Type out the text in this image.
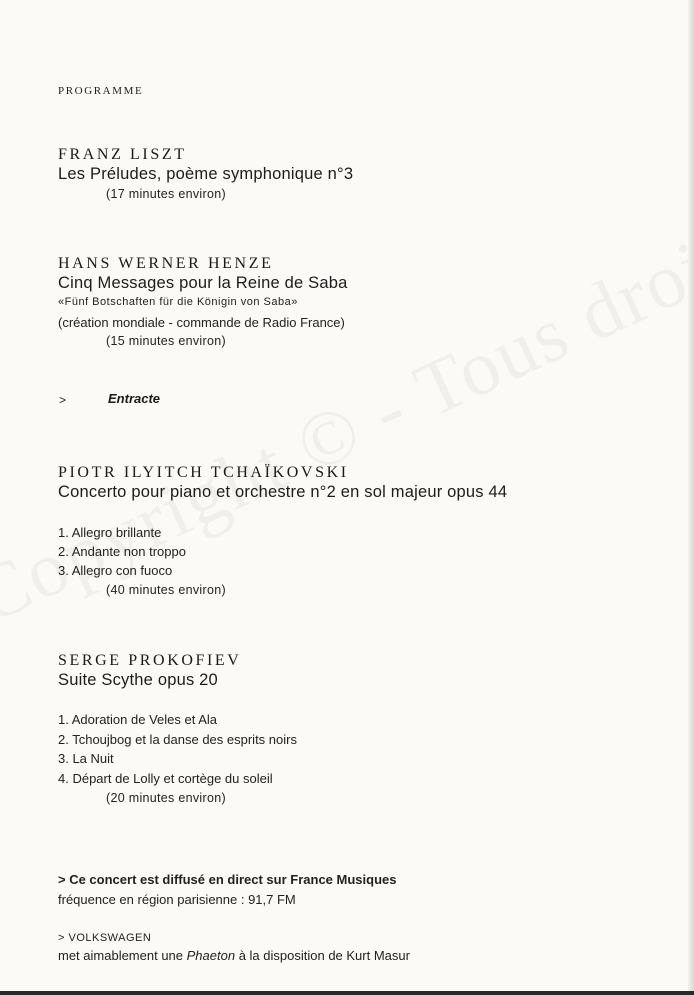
PROGRAMME
FRANZ LISZT
Les Préludes, poème symphonique n°3
(17 minutes environ)
HANS WERNER HENZE
Cinq Messages pour la Reine de Saba
«Fünf Botschaften für die Königin von Saba»
(création mondiale - commande de Radio France)
(15 minutes environ)
>	Entracte
PIOTR ILYITCH TCHAÏKOVSKI
Concerto pour piano et orchestre n°2 en sol majeur opus 44
1. Allegro brillante
2. Andante non troppo
3. Allegro con fuoco
(40 minutes environ)
SERGE PROKOFIEV
Suite Scythe opus 20
1. Adoration de Veles et Ala
2. Tchoujbog et la danse des esprits noirs
3. La Nuit
4. Départ de Lolly et cortège du soleil
(20 minutes environ)
> Ce concert est diffusé en direct sur France Musiques
fréquence en région parisienne : 91,7 FM
> VOLKSWAGEN
met aimablement une Phaeton à la disposition de Kurt Masur
